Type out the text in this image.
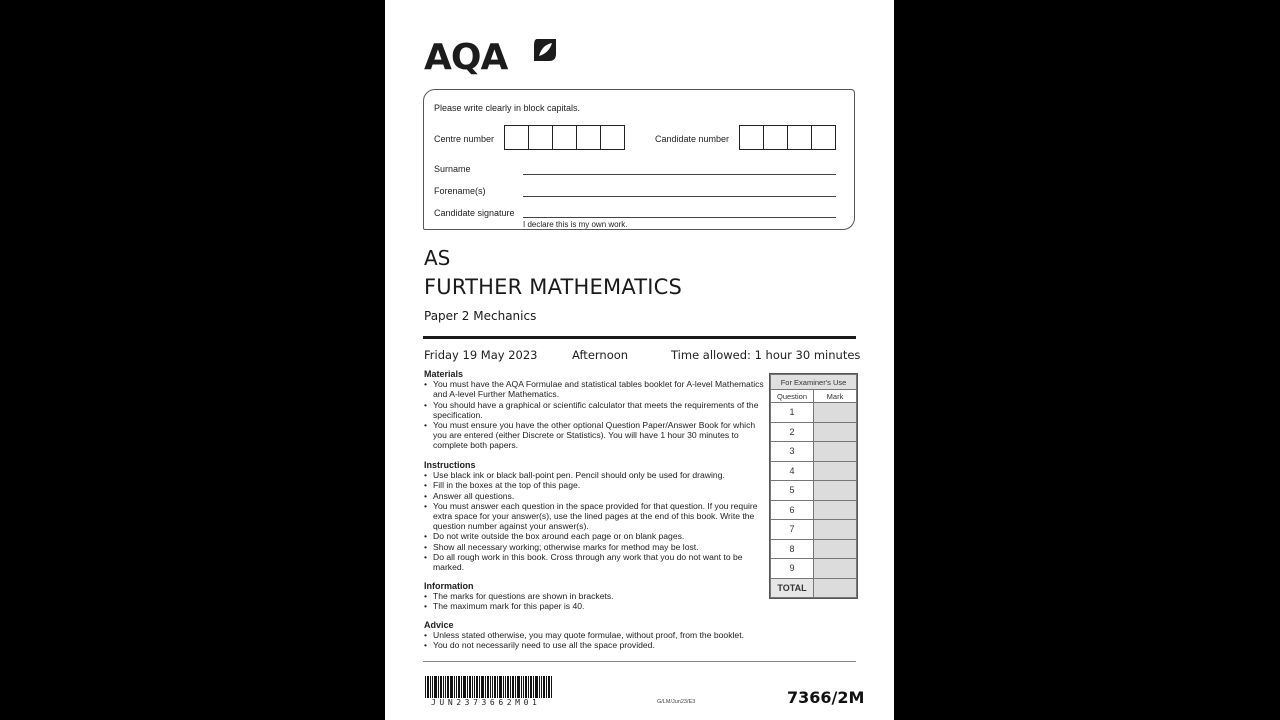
AQA
Please write clearly in block capitals.
Centre number	Candidate number
Surname
Forename(s)
Candidate signature
I declare this is my own work.
AS
FURTHER MATHEMATICS
Paper 2 Mechanics
Friday 19 May 2023	Afternoon	Time allowed: 1 hour 30 minutes
Materials
• You must have the AQA Formulae and statistical tables booklet for A-level Mathematics and A-level Further Mathematics.
• You should have a graphical or scientific calculator that meets the requirements of the specification.
• You must ensure you have the other optional Question Paper/Answer Book for which you are entered (either Discrete or Statistics). You will have 1 hour 30 minutes to complete both papers.
Instructions
• Use black ink or black ball-point pen. Pencil should only be used for drawing.
• Fill in the boxes at the top of this page.
• Answer all questions.
• You must answer each question in the space provided for that question. If you require extra space for your answer(s), use the lined pages at the end of this book. Write the question number against your answer(s).
• Do not write outside the box around each page or on blank pages.
• Show all necessary working; otherwise marks for method may be lost.
• Do all rough work in this book. Cross through any work that you do not want to be marked.
Information
• The marks for questions are shown in brackets.
• The maximum mark for this paper is 40.
Advice
• Unless stated otherwise, you may quote formulae, without proof, from the booklet.
• You do not necessarily need to use all the space provided.
For Examiner's Use	
Question	Mark
1	
2	
3	
4	
5	
6	
7	
8	
9	
TOTAL	
JUN2373662M01	G/LM/Jun23/E3	7366/2M
